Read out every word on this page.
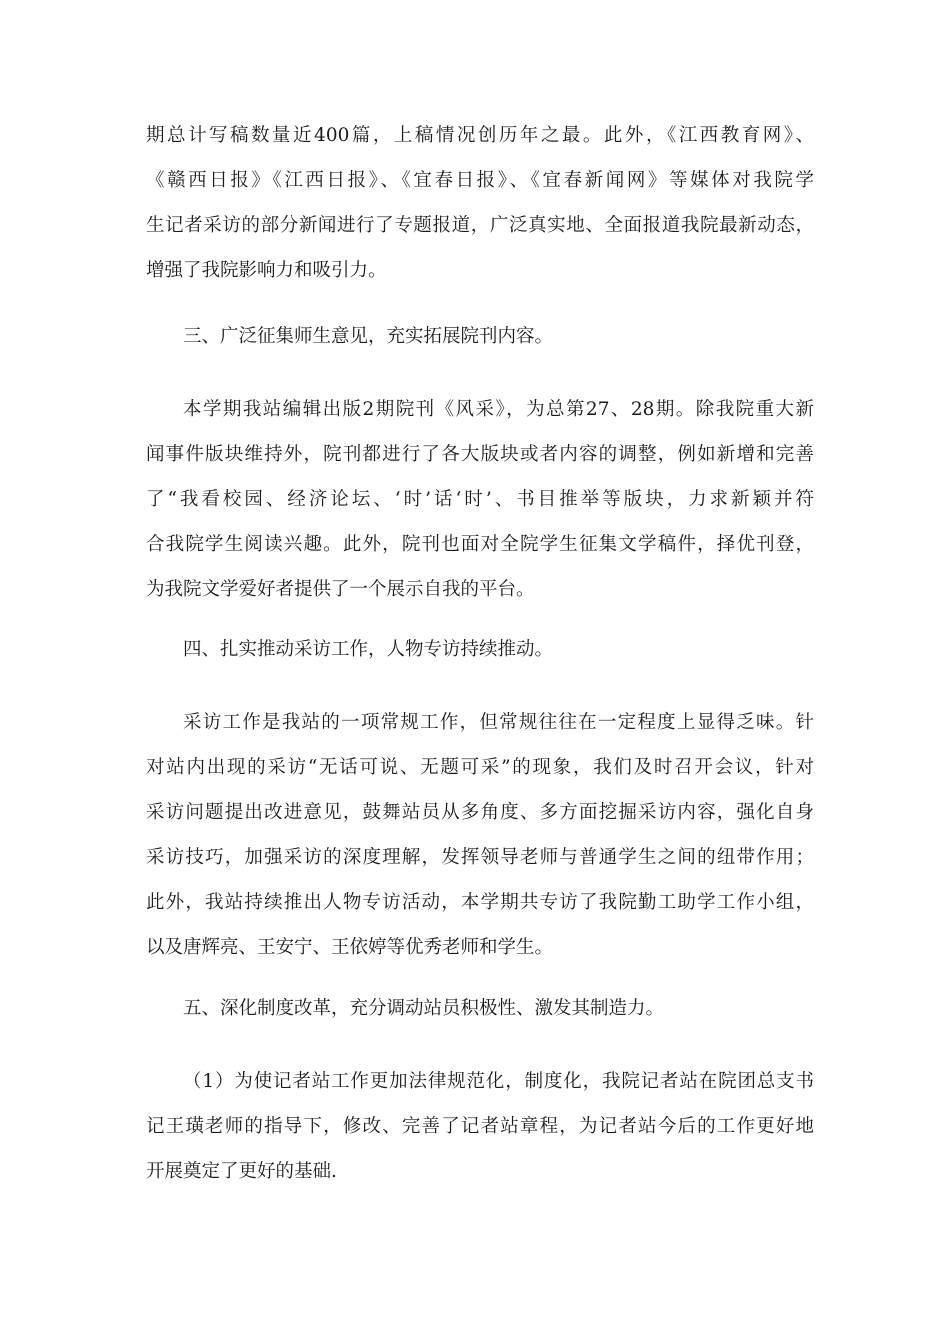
期总计写稿数量近400篇，上稿情况创历年之最。此外，《江西教育网》、
《赣西日报》《江西日报》、《宜春日报》、《宜春新闻网》等媒体对我院学
生记者采访的部分新闻进行了专题报道，广泛真实地、全面报道我院最新动态，
增强了我院影响力和吸引力。
三、广泛征集师生意见，充实拓展院刊内容。
本学期我站编辑出版2期院刊《风采》，为总第27、28期。除我院重大新
闻事件版块维持外，院刊都进行了各大版块或者内容的调整，例如新增和完善
了“我看校园、经济论坛、‘时’话‘时’、书目推举等版块，力求新颖并符
合我院学生阅读兴趣。此外，院刊也面对全院学生征集文学稿件，择优刊登，
为我院文学爱好者提供了一个展示自我的平台。
四、扎实推动采访工作，人物专访持续推动。
采访工作是我站的一项常规工作，但常规往往在一定程度上显得乏味。针
对站内出现的采访“无话可说、无题可采”的现象，我们及时召开会议，针对
采访问题提出改进意见，鼓舞站员从多角度、多方面挖掘采访内容，强化自身
采访技巧，加强采访的深度理解，发挥领导老师与普通学生之间的纽带作用；
此外，我站持续推出人物专访活动，本学期共专访了我院勤工助学工作小组，
以及唐辉亮、王安宁、王依婷等优秀老师和学生。
五、深化制度改革，充分调动站员积极性、激发其制造力。
（1）为使记者站工作更加法律规范化，制度化，我院记者站在院团总支书
记王璜老师的指导下，修改、完善了记者站章程，为记者站今后的工作更好地
开展奠定了更好的基础.
